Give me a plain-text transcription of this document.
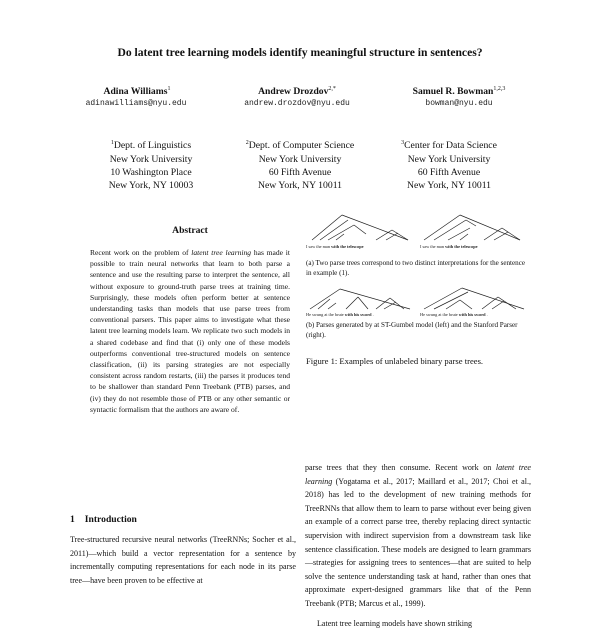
Do latent tree learning models identify meaningful structure in sentences?
Adina Williams$^1$	Andrew Drozdov$^{2,*}$	Samuel R. Bowman$^{1,2,3}$
adinawilliams@nyu.edu	andrew.drozdov@nyu.edu	bowman@nyu.edu
$^1$Dept. of Linguistics
New York University
10 Washington Place
New York, NY 10003
$^2$Dept. of Computer Science
New York University
60 Fifth Avenue
New York, NY 10011
$^3$Center for Data Science
New York University
60 Fifth Avenue
New York, NY 10011
Abstract
Recent work on the problem of latent tree learning has made it possible to train neural networks that learn to both parse a sentence and use the resulting parse to interpret the sentence, all without exposure to ground-truth parse trees at training time. Surprisingly, these models often perform better at sentence understanding tasks than models that use parse trees from conventional parsers. This paper aims to investigate what these latent tree learning models learn. We replicate two such models in a shared codebase and find that (i) only one of these models outperforms conventional tree-structured models on sentence classification, (ii) its parsing strategies are not especially consistent across random restarts, (iii) the parses it produces tend to be shallower than standard Penn Treebank (PTB) parses, and (iv) they do not resemble those of PTB or any other semantic or syntactic formalism that the authors are aware of.
1 Introduction
Tree-structured recursive neural networks (TreeRNNs; Socher et al., 2011)—which build a vector representation for a sentence by incrementally computing representations for each node in its parse tree—have been proven to be effective at
I saw the man with the telescope	I saw the man with the telescope
(a) Two parse trees correspond to two distinct interpretations for the sentence in example (1).
He swung at the brute with his sword .	He swung at the brute with his sword .
(b) Parses generated by at ST-Gumbel model (left) and the Stanford Parser (right).
Figure 1: Examples of unlabeled binary parse trees.
parse trees that they then consume. Recent work on latent tree learning (Yogatama et al., 2017; Maillard et al., 2017; Choi et al., 2018) has led to the development of new training methods for TreeRNNs that allow them to learn to parse without ever being given an example of a correct parse tree, thereby replacing direct syntactic supervision with indirect supervision from a downstream task like sentence classification. These models are designed to learn grammars—strategies for assigning trees to sentences—that are suited to help solve the sentence understanding task at hand, rather than ones that approximate expert-designed grammars like that of the Penn Treebank (PTB; Marcus et al., 1999).
Latent tree learning models have shown striking
